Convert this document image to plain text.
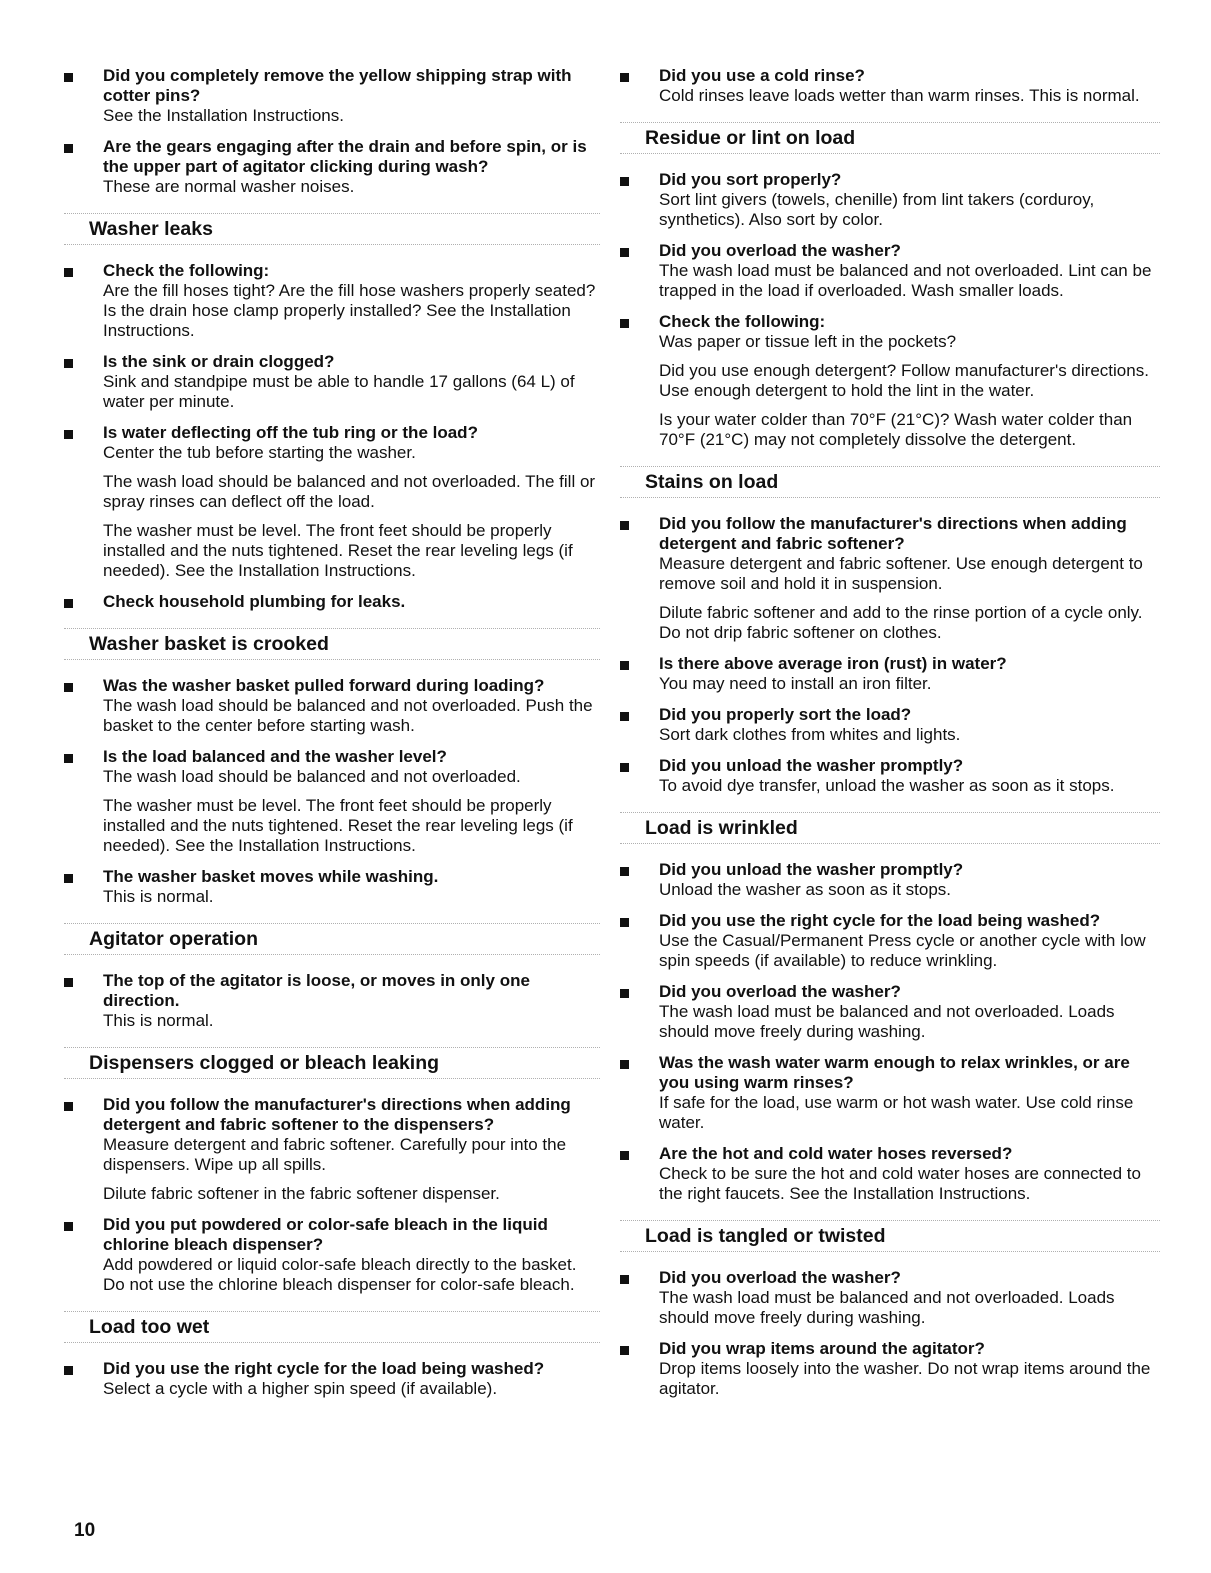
Did you completely remove the yellow shipping strap with cotter pins?
See the Installation Instructions.
Are the gears engaging after the drain and before spin, or is the upper part of agitator clicking during wash?
These are normal washer noises.
Washer leaks
Check the following:
Are the fill hoses tight? Are the fill hose washers properly seated? Is the drain hose clamp properly installed? See the Installation Instructions.
Is the sink or drain clogged?
Sink and standpipe must be able to handle 17 gallons (64 L) of water per minute.
Is water deflecting off the tub ring or the load?
Center the tub before starting the washer.
The wash load should be balanced and not overloaded. The fill or spray rinses can deflect off the load.
The washer must be level. The front feet should be properly installed and the nuts tightened. Reset the rear leveling legs (if needed). See the Installation Instructions.
Check household plumbing for leaks.
Washer basket is crooked
Was the washer basket pulled forward during loading?
The wash load should be balanced and not overloaded. Push the basket to the center before starting wash.
Is the load balanced and the washer level?
The wash load should be balanced and not overloaded.
The washer must be level. The front feet should be properly installed and the nuts tightened. Reset the rear leveling legs (if needed). See the Installation Instructions.
The washer basket moves while washing.
This is normal.
Agitator operation
The top of the agitator is loose, or moves in only one direction.
This is normal.
Dispensers clogged or bleach leaking
Did you follow the manufacturer's directions when adding detergent and fabric softener to the dispensers?
Measure detergent and fabric softener. Carefully pour into the dispensers. Wipe up all spills.
Dilute fabric softener in the fabric softener dispenser.
Did you put powdered or color-safe bleach in the liquid chlorine bleach dispenser?
Add powdered or liquid color-safe bleach directly to the basket. Do not use the chlorine bleach dispenser for color-safe bleach.
Load too wet
Did you use the right cycle for the load being washed?
Select a cycle with a higher spin speed (if available).
Did you use a cold rinse?
Cold rinses leave loads wetter than warm rinses. This is normal.
Residue or lint on load
Did you sort properly?
Sort lint givers (towels, chenille) from lint takers (corduroy, synthetics). Also sort by color.
Did you overload the washer?
The wash load must be balanced and not overloaded. Lint can be trapped in the load if overloaded. Wash smaller loads.
Check the following:
Was paper or tissue left in the pockets?
Did you use enough detergent? Follow manufacturer's directions. Use enough detergent to hold the lint in the water.
Is your water colder than 70°F (21°C)? Wash water colder than 70°F (21°C) may not completely dissolve the detergent.
Stains on load
Did you follow the manufacturer's directions when adding detergent and fabric softener?
Measure detergent and fabric softener. Use enough detergent to remove soil and hold it in suspension.
Dilute fabric softener and add to the rinse portion of a cycle only. Do not drip fabric softener on clothes.
Is there above average iron (rust) in water?
You may need to install an iron filter.
Did you properly sort the load?
Sort dark clothes from whites and lights.
Did you unload the washer promptly?
To avoid dye transfer, unload the washer as soon as it stops.
Load is wrinkled
Did you unload the washer promptly?
Unload the washer as soon as it stops.
Did you use the right cycle for the load being washed?
Use the Casual/Permanent Press cycle or another cycle with low spin speeds (if available) to reduce wrinkling.
Did you overload the washer?
The wash load must be balanced and not overloaded. Loads should move freely during washing.
Was the wash water warm enough to relax wrinkles, or are you using warm rinses?
If safe for the load, use warm or hot wash water. Use cold rinse water.
Are the hot and cold water hoses reversed?
Check to be sure the hot and cold water hoses are connected to the right faucets. See the Installation Instructions.
Load is tangled or twisted
Did you overload the washer?
The wash load must be balanced and not overloaded. Loads should move freely during washing.
Did you wrap items around the agitator?
Drop items loosely into the washer. Do not wrap items around the agitator.
10
